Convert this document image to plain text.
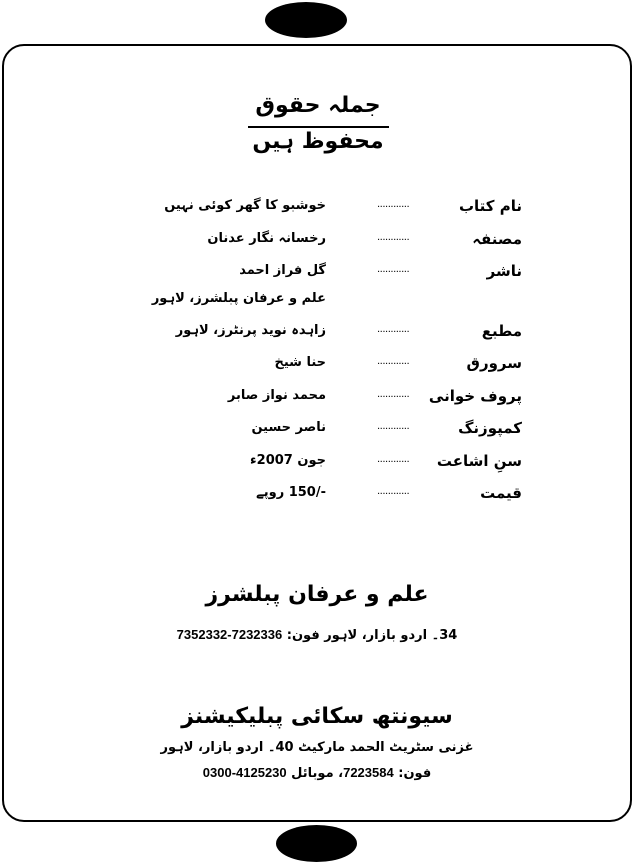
جملہ حقوق محفوظ ہیں
نام کتاب
............
خوشبو کا گھر کوئی نہیں
مصنفہ
............
رخسانہ نگار عدنان
ناشر
............
گل فراز احمد
علم و عرفان پبلشرز، لاہور
مطبع
............
زاہدہ نوید پرنٹرز، لاہور
سرورق
............
حنا شیخ
پروف خوانی
............
محمد نواز صابر
کمپوزنگ
............
ناصر حسین
سنِ اشاعت
............
جون 2007ء
قیمت
............
-/150 روپے
علم و عرفان پبلشرز
34۔ اردو بازار، لاہور فون: 7352332-7232336
سیونتھ سکائی پبلیکیشنز
غزنی سٹریٹ الحمد مارکیٹ 40۔ اردو بازار، لاہور
فون: 7223584، موبائل 0300-4125230
